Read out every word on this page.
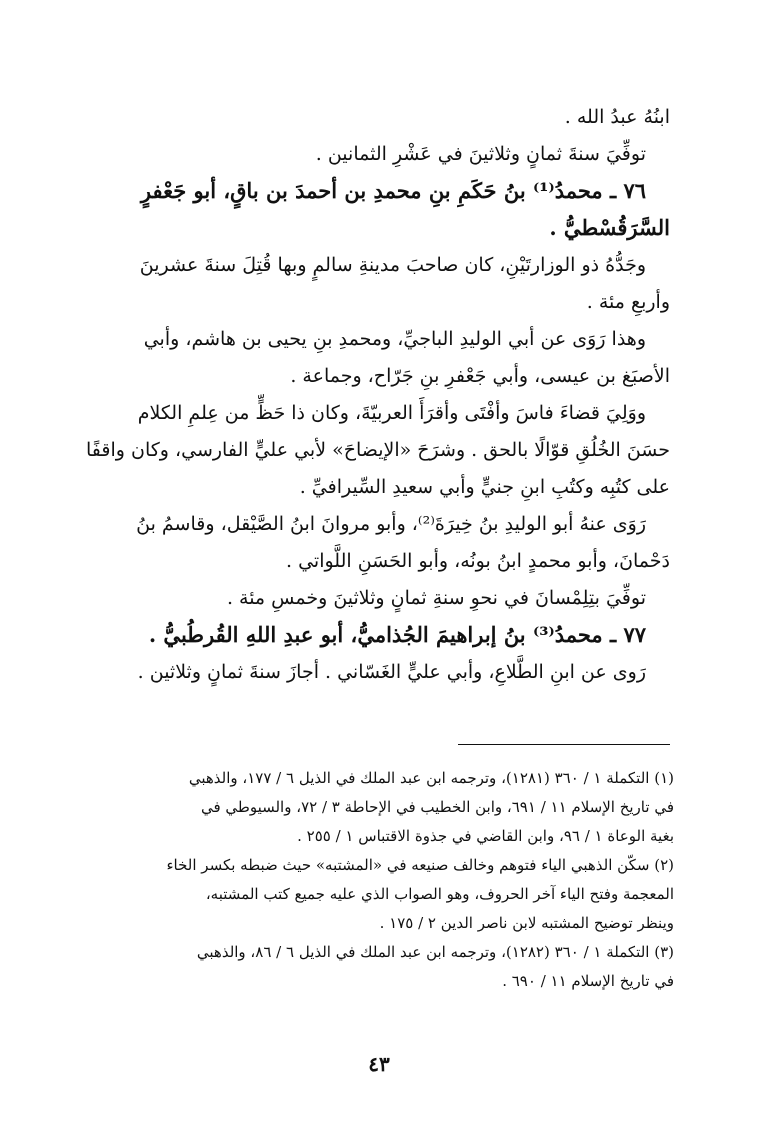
ابنُهُ عبدُ الله .
توفِّيَ سنةَ ثمانٍ وثلاثينَ في عَشْرِ الثمانين .
٧٦ ـ محمدُ⁽¹⁾ بنُ حَكَمِ بنِ محمدِ بن أحمدَ بن باقٍ، أبو جَعْفرٍ
السَّرَقُسْطيُّ .
وجَدُّهُ ذو الوزارتَيْنِ، كان صاحبَ مدينةِ سالمٍ وبها قُتِلَ سنةَ عشرينَ
وأربعِ مئة .
وهذا رَوَى عن أبي الوليدِ الباجيِّ، ومحمدِ بنِ يحيى بن هاشم، وأبي
الأصبَغ بن عيسى، وأبي جَعْفرِ بنِ جَرّاح، وجماعة .
ووَلِيَ قضاءَ فاسَ وأفْتَى وأقرَأَ العربيّةَ، وكان ذا حَظٍّ من عِلمِ الكلام
حسَنَ الخُلُقِ قوّالًا بالحق . وشرَحَ «الإيضاحَ» لأبي عليٍّ الفارسي، وكان واقفًا
على كتُبِه وكتُبِ ابنِ جنيٍّ وأبي سعيدِ السِّيرافيِّ .
رَوَى عنهُ أبو الوليدِ بنُ خِيرَةَ⁽²⁾، وأبو مروانَ ابنُ الصَّيْقل، وقاسمُ بنُ
دَحْمانَ، وأبو محمدٍ ابنُ بونُه، وأبو الحَسَنِ اللَّواتي .
توفِّيَ بتِلِمْسانَ في نحوِ سنةِ ثمانٍ وثلاثينَ وخمسِ مئة .
٧٧ ـ محمدُ⁽³⁾ بنُ إبراهيمَ الجُذاميُّ، أبو عبدِ اللهِ القُرطُبيُّ .
رَوى عن ابنِ الطَّلاعِ، وأبي عليٍّ الغَسّاني . أجازَ سنةَ ثمانٍ وثلاثين .
(١) التكملة ١ / ٣٦٠ (١٢٨١)، وترجمه ابن عبد الملك في الذيل ٦ / ١٧٧، والذهبي
في تاريخ الإسلام ١١ / ٦٩١، وابن الخطيب في الإحاطة ٣ / ٧٢، والسيوطي في
بغية الوعاة ١ / ٩٦، وابن القاضي في جذوة الاقتباس ١ / ٢٥٥ .
(٢) سكّن الذهبي الياء فتوهم وخالف صنيعه في «المشتبه» حيث ضبطه بكسر الخاء
المعجمة وفتح الياء آخر الحروف، وهو الصواب الذي عليه جميع كتب المشتبه،
وينظر توضيح المشتبه لابن ناصر الدين ٢ / ١٧٥ .
(٣) التكملة ١ / ٣٦٠ (١٢٨٢)، وترجمه ابن عبد الملك في الذيل ٦ / ٨٦، والذهبي
في تاريخ الإسلام ١١ / ٦٩٠ .
٤٣
